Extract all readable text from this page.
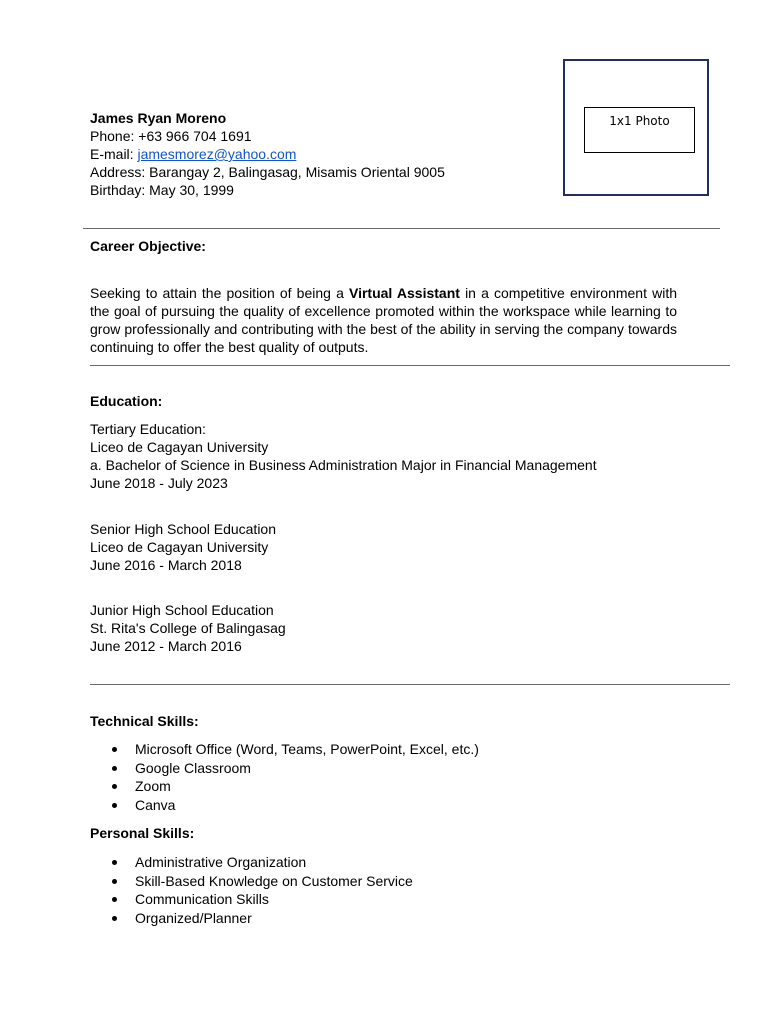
James Ryan Moreno
Phone: +63 966 704 1691
E-mail: jamesmorez@yahoo.com
Address: Barangay 2, Balingasag, Misamis Oriental 9005
Birthday: May 30, 1999
1x1 Photo
Career Objective:
Seeking to attain the position of being a Virtual Assistant in a competitive environment with the goal of pursuing the quality of excellence promoted within the workspace while learning to grow professionally and contributing with the best of the ability in serving the company towards continuing to offer the best quality of outputs.
Education:
Tertiary Education:
Liceo de Cagayan University
a. Bachelor of Science in Business Administration Major in Financial Management
June 2018 - July 2023
Senior High School Education
Liceo de Cagayan University
June 2016 - March 2018
Junior High School Education
St. Rita's College of Balingasag
June 2012 - March 2016
Technical Skills:
Microsoft Office (Word, Teams, PowerPoint, Excel, etc.)
Google Classroom
Zoom
Canva
Personal Skills:
Administrative Organization
Skill-Based Knowledge on Customer Service
Communication Skills
Organized/Planner
